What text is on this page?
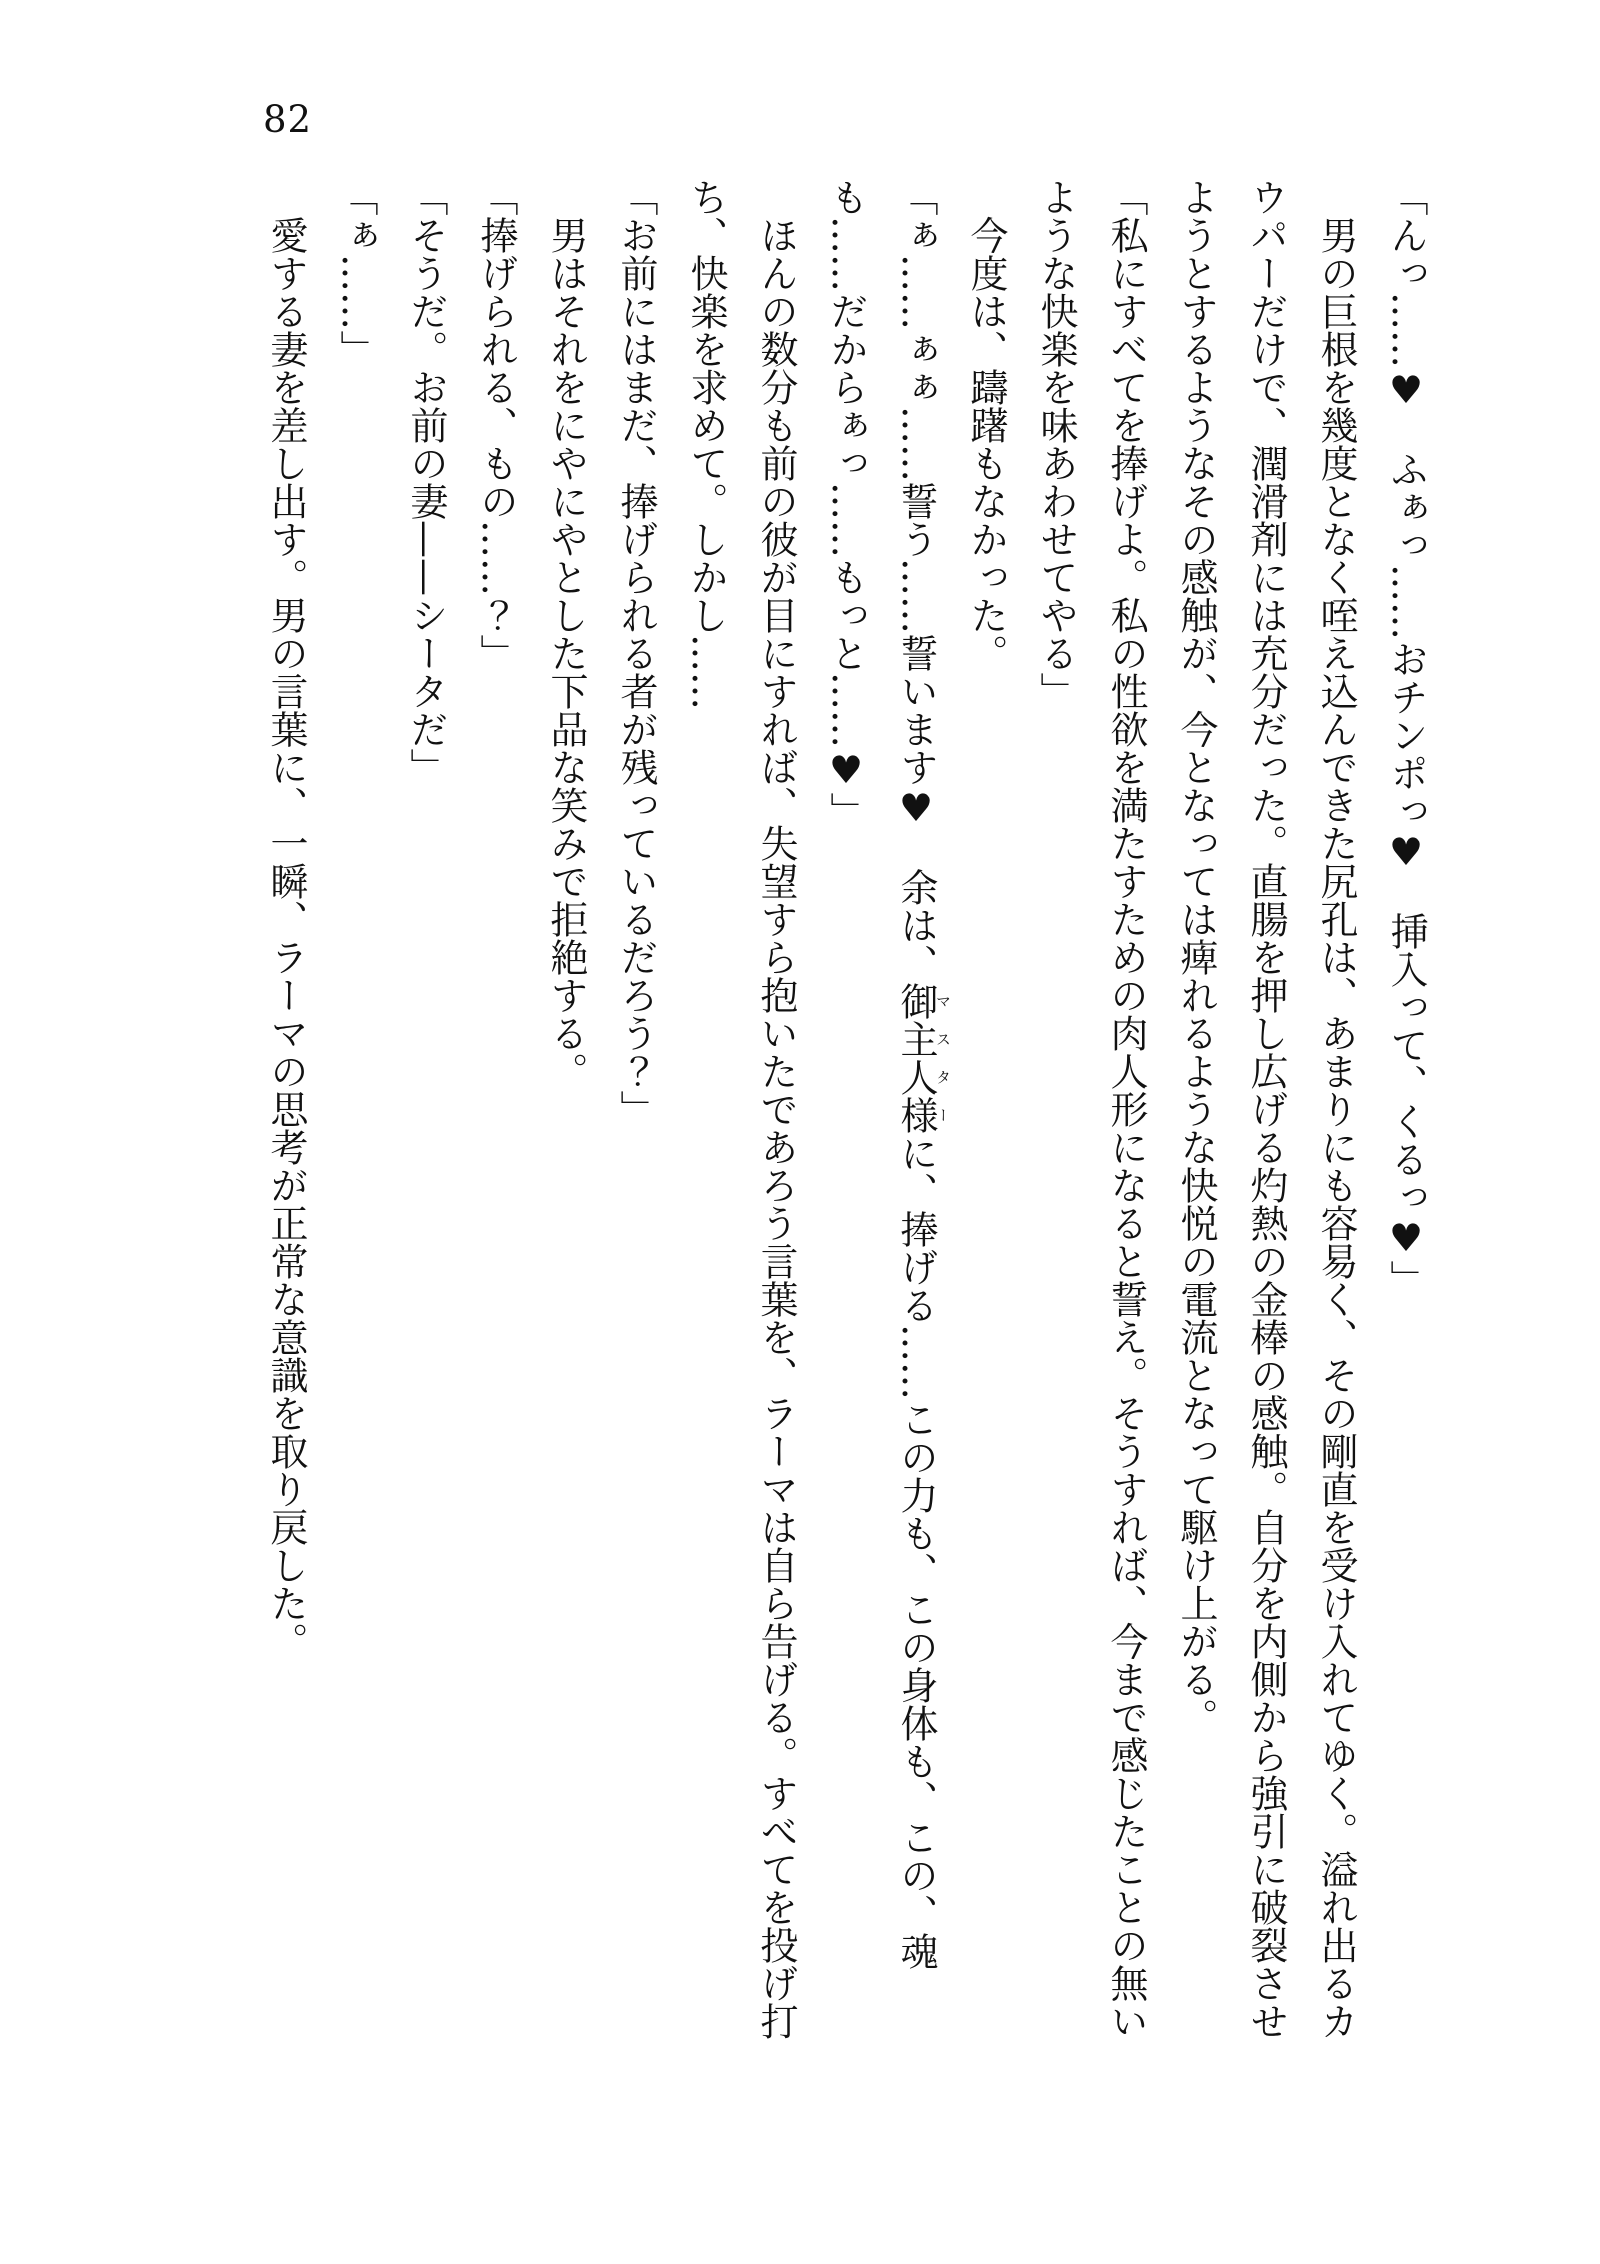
82

「んっ……♥　ふぁっ……おチンポっ♥　挿入って、くるっ♥」

男の巨根を幾度となく咥え込んできた尻孔は、あまりにも容易く、その剛直を受け入れてゆく。溢れ出るカウパーだけで、潤滑剤には充分だった。直腸を押し広げる灼熱の金棒の感触。自分を内側から強引に破裂させようとするようなその感触が、今となっては痺れるような快悦の電流となって駆け上がる。

「私にすべてを捧げよ。私の性欲を満たすための肉人形になると誓え。そうすれば、今まで感じたことの無いような快楽を味あわせてやる」

今度は、躊躇もなかった。

「ぁ……ぁぁ……誓う……誓います♥　余は、御主人様マスターに、捧げる……この力も、この身体も、この、魂も……だからぁっ……もっと……♥」

ほんの数分も前の彼が目にすれば、失望すら抱いたであろう言葉を、ラーマは自ら告げる。すべてを投げ打ち、快楽を求めて。しかし……

「お前にはまだ、捧げられる者が残っているだろう？」

男はそれをにやにやとした下品な笑みで拒絶する。

「捧げられる、もの……？」

「そうだ。お前の妻——シータだ」

「ぁ……」

愛する妻を差し出す。男の言葉に、一瞬、ラーマの思考が正常な意識を取り戻した。
